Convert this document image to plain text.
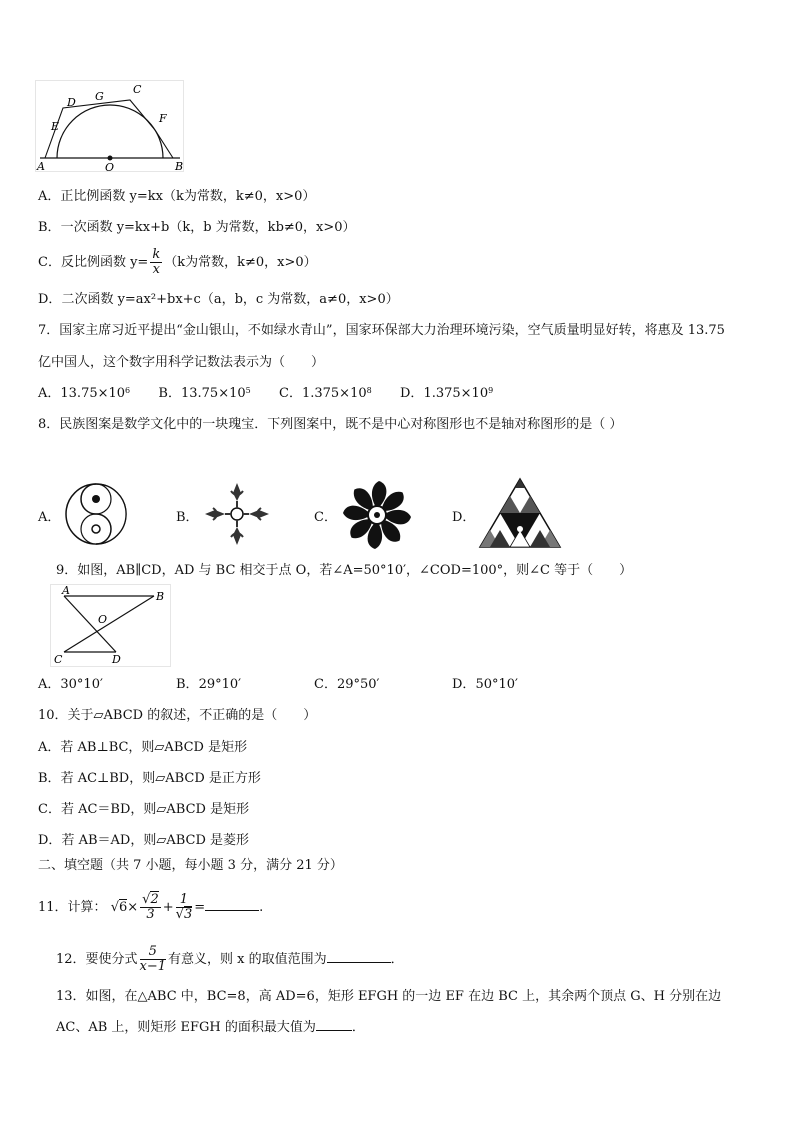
D G
C
E
F
A	O	B
A．正比例函数 y=kx（k为常数，k≠0，x>0）
B．一次函数 y=kx+b（k，b 为常数，kb≠0，x>0）
C．反比例函数 $y= \frac{k}{x} (k$为常数，k≠0，x>0）
D．二次函数 y=ax²+bx+c（a，b，c 为常数，a≠0，x>0）
7．国家主席习近平提出“金山银山，不如绿水青山”，国家环保部大力治理环境污染，空气质量明显好转，将惠及 13.75
亿中国人，这个数字用科学记数法表示为（　　）
A．$13.75\times 10^6$ B．$13.75\times 10^5$ C．$1.375\times 10^8$ D．$1.375\times 10^9$
8．民族图案是数学文化中的一块瑰宝．下列图案中，既不是中心对称图形也不是轴对称图形的是（ ）
A．	B．	C．	D．
9．如图，AB∥CD，AD 与 BC 相交于点 O，若∠A=50°10′，∠COD=100°，则∠C 等于（　　）
A	B
O
C	D
A．30°10′	B．29°10′	C．29°50′	D．50°10′
10．关于▱ABCD 的叙述，不正确的是（　　）
A．若 AB⊥BC，则▱ABCD 是矩形
B．若 AC⊥BD，则▱ABCD 是正方形
C．若 AC＝BD，则▱ABCD 是矩形
D．若 AB＝AD，则▱ABCD 是菱形
二、填空题（共 7 小题，每小题 3 分，满分 21 分）
11．计算： $√6\times \frac{√2}{3} + \frac{1}{√3}$ =	.
12．要使分式 $\frac{5}{x-1}$ 有意义，则 x 的取值范围为	．
13．如图，在△ABC 中，BC=8，高 AD=6，矩形 EFGH 的一边 EF 在边 BC 上，其余两个顶点 G、H 分别在边
AC、AB 上，则矩形 EFGH 的面积最大值为	．
